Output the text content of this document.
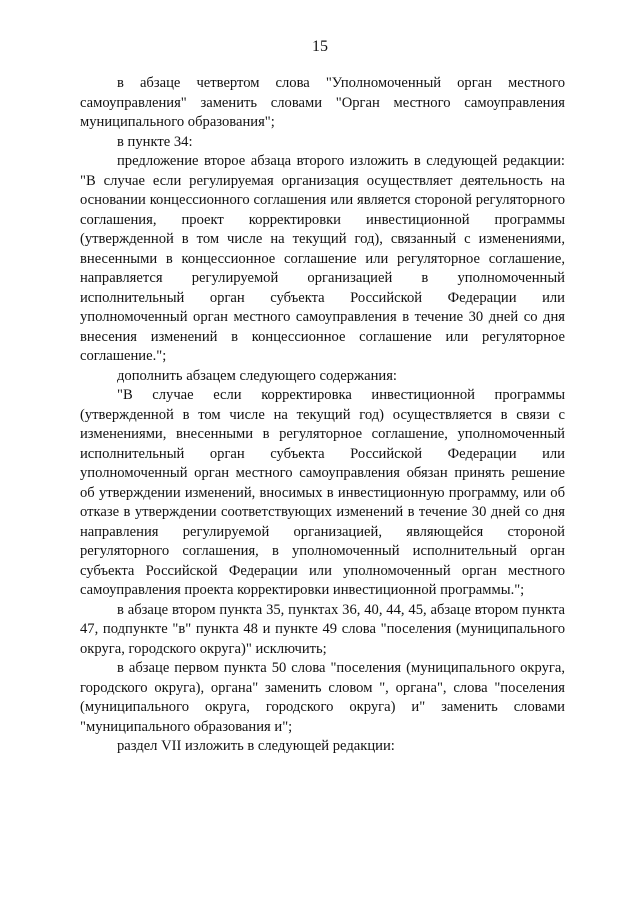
15

в абзаце четвертом слова "Уполномоченный орган местного самоуправления" заменить словами "Орган местного самоуправления муниципального образования";

в пункте 34:

предложение второе абзаца второго изложить в следующей редакции: "В случае если регулируемая организация осуществляет деятельность на основании концессионного соглашения или является стороной регуляторного соглашения, проект корректировки инвестиционной программы (утвержденной в том числе на текущий год), связанный с изменениями, внесенными в концессионное соглашение или регуляторное соглашение, направляется регулируемой организацией в уполномоченный исполнительный орган субъекта Российской Федерации или уполномоченный орган местного самоуправления в течение 30 дней со дня внесения изменений в концессионное соглашение или регуляторное соглашение.";

дополнить абзацем следующего содержания:

"В случае если корректировка инвестиционной программы (утвержденной в том числе на текущий год) осуществляется в связи с изменениями, внесенными в регуляторное соглашение, уполномоченный исполнительный орган субъекта Российской Федерации или уполномоченный орган местного самоуправления обязан принять решение об утверждении изменений, вносимых в инвестиционную программу, или об отказе в утверждении соответствующих изменений в течение 30 дней со дня направления регулируемой организацией, являющейся стороной регуляторного соглашения, в уполномоченный исполнительный орган субъекта Российской Федерации или уполномоченный орган местного самоуправления проекта корректировки инвестиционной программы.";

в абзаце втором пункта 35, пунктах 36, 40, 44, 45, абзаце втором пункта 47, подпункте "в" пункта 48 и пункте 49 слова "поселения (муниципального округа, городского округа)" исключить;

в абзаце первом пункта 50 слова "поселения (муниципального округа, городского округа), органа" заменить словом ", органа", слова "поселения (муниципального округа, городского округа) и" заменить словами "муниципального образования и";

раздел VII изложить в следующей редакции:
